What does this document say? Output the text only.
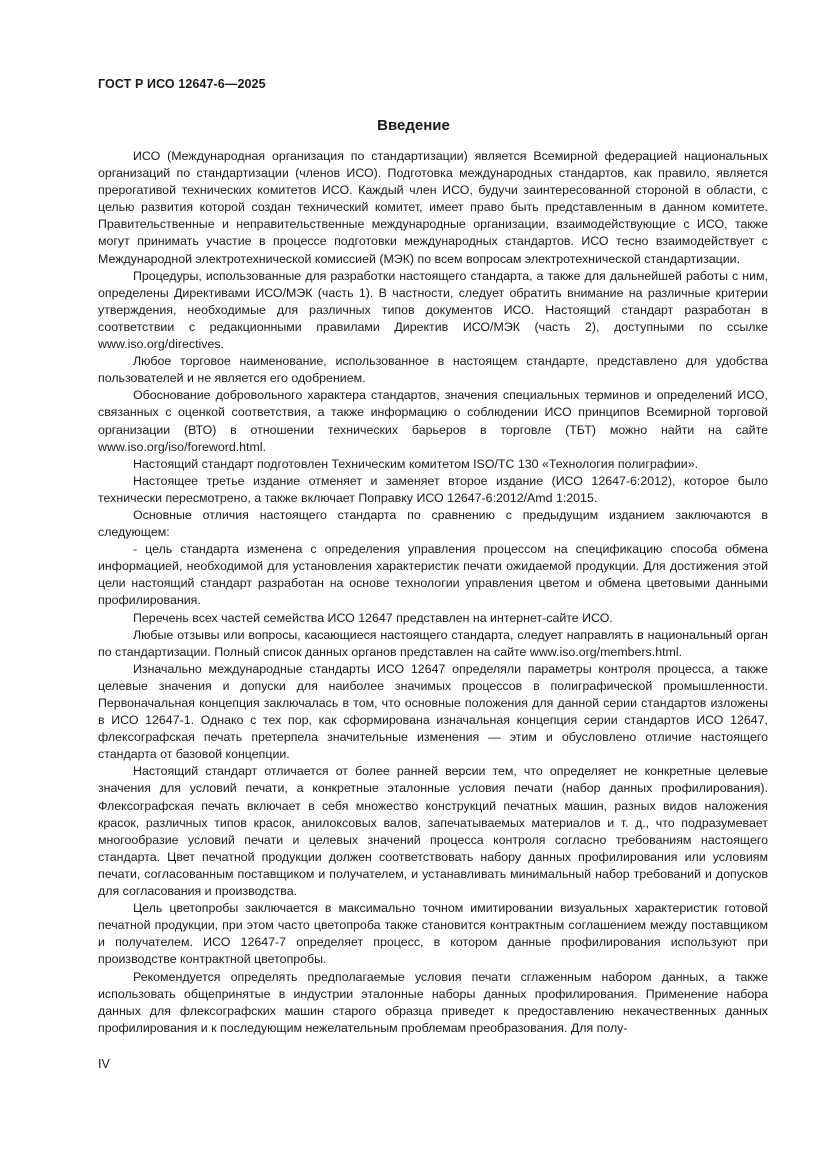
ГОСТ Р ИСО 12647-6—2025
Введение

ИСО (Международная организация по стандартизации) является Всемирной федерацией национальных организаций по стандартизации (членов ИСО). Подготовка международных стандартов, как правило, является прерогативой технических комитетов ИСО. Каждый член ИСО, будучи заинтересованной стороной в области, с целью развития которой создан технический комитет, имеет право быть представленным в данном комитете. Правительственные и неправительственные международные организации, взаимодействующие с ИСО, также могут принимать участие в процессе подготовки международных стандартов. ИСО тесно взаимодействует с Международной электротехнической комиссией (МЭК) по всем вопросам электротехнической стандартизации.

Процедуры, использованные для разработки настоящего стандарта, а также для дальнейшей работы с ним, определены Директивами ИСО/МЭК (часть 1). В частности, следует обратить внимание на различные критерии утверждения, необходимые для различных типов документов ИСО. Настоящий стандарт разработан в соответствии с редакционными правилами Директив ИСО/МЭК (часть 2), доступными по ссылке www.iso.org/directives.

Любое торговое наименование, использованное в настоящем стандарте, представлено для удобства пользователей и не является его одобрением.

Обоснование добровольного характера стандартов, значения специальных терминов и определений ИСО, связанных с оценкой соответствия, а также информацию о соблюдении ИСО принципов Всемирной торговой организации (ВТО) в отношении технических барьеров в торговле (ТБТ) можно найти на сайте www.iso.org/iso/foreword.html.

Настоящий стандарт подготовлен Техническим комитетом ISO/TC 130 «Технология полиграфии».

Настоящее третье издание отменяет и заменяет второе издание (ИСО 12647-6:2012), которое было технически пересмотрено, а также включает Поправку ИСО 12647-6:2012/Amd 1:2015.

Основные отличия настоящего стандарта по сравнению с предыдущим изданием заключаются в следующем:

- цель стандарта изменена с определения управления процессом на спецификацию способа обмена информацией, необходимой для установления характеристик печати ожидаемой продукции. Для достижения этой цели настоящий стандарт разработан на основе технологии управления цветом и обмена цветовыми данными профилирования.

Перечень всех частей семейства ИСО 12647 представлен на интернет-сайте ИСО.

Любые отзывы или вопросы, касающиеся настоящего стандарта, следует направлять в национальный орган по стандартизации. Полный список данных органов представлен на сайте www.iso.org/members.html.

Изначально международные стандарты ИСО 12647 определяли параметры контроля процесса, а также целевые значения и допуски для наиболее значимых процессов в полиграфической промышленности. Первоначальная концепция заключалась в том, что основные положения для данной серии стандартов изложены в ИСО 12647-1. Однако с тех пор, как сформирована изначальная концепция серии стандартов ИСО 12647, флексографская печать претерпела значительные изменения — этим и обусловлено отличие настоящего стандарта от базовой концепции.

Настоящий стандарт отличается от более ранней версии тем, что определяет не конкретные целевые значения для условий печати, а конкретные эталонные условия печати (набор данных профилирования). Флексографская печать включает в себя множество конструкций печатных машин, разных видов наложения красок, различных типов красок, анилоксовых валов, запечатываемых материалов и т. д., что подразумевает многообразие условий печати и целевых значений процесса контроля согласно требованиям настоящего стандарта. Цвет печатной продукции должен соответствовать набору данных профилирования или условиям печати, согласованным поставщиком и получателем, и устанавливать минимальный набор требований и допусков для согласования и производства.

Цель цветопробы заключается в максимально точном имитировании визуальных характеристик готовой печатной продукции, при этом часто цветопроба также становится контрактным соглашением между поставщиком и получателем. ИСО 12647-7 определяет процесс, в котором данные профилирования используют при производстве контрактной цветопробы.

Рекомендуется определять предполагаемые условия печати сглаженным набором данных, а также использовать общепринятые в индустрии эталонные наборы данных профилирования. Применение набора данных для флексографских машин старого образца приведет к предоставлению некачественных данных профилирования и к последующим нежелательным проблемам преобразования. Для полу-

IV
